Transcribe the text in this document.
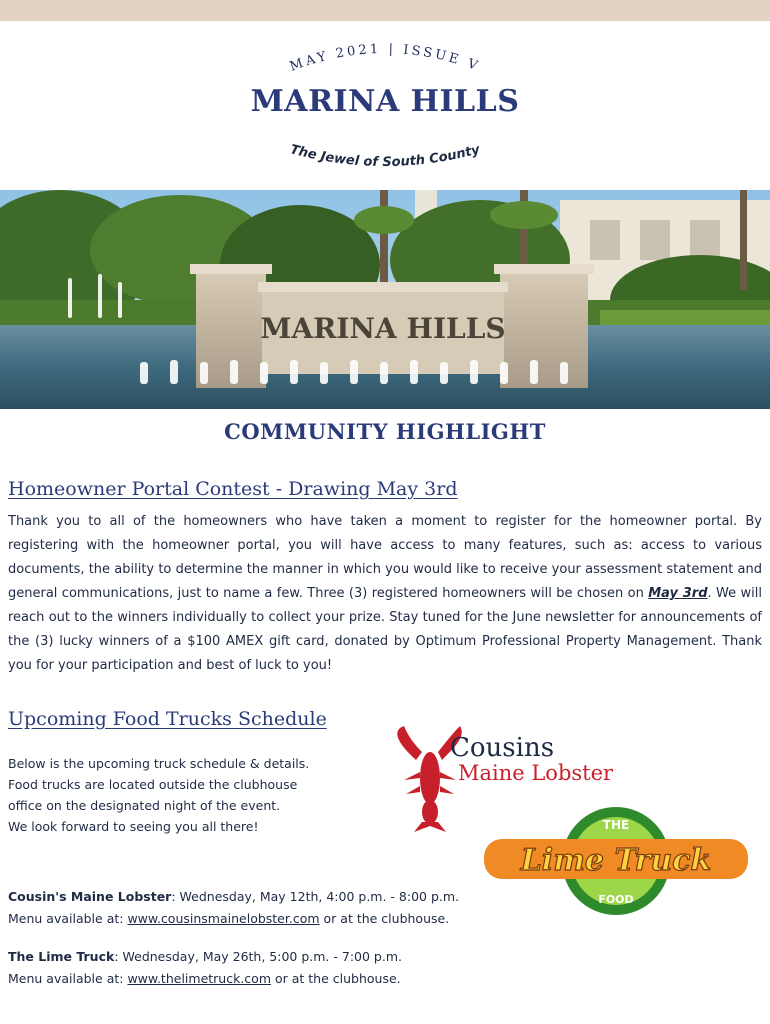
MAY 2021 | ISSUE V
MARINA HILLS
The Jewel of South County
MARINA HILLS
COMMUNITY HIGHLIGHT
Homeowner Portal Contest - Drawing May 3rd

Thank you to all of the homeowners who have taken a moment to register for the homeowner portal. By registering with the homeowner portal, you will have access to many features, such as: access to various documents, the ability to determine the manner in which you would like to receive your assessment statement and general communications, just to name a few. Three (3) registered homeowners will be chosen on May 3rd. We will reach out to the winners individually to collect your prize. Stay tuned for the June newsletter for announcements of the (3) lucky winners of a $100 AMEX gift card, donated by Optimum Professional Property Management. Thank you for your participation and best of luck to you!

Upcoming Food Trucks Schedule
Below is the upcoming truck schedule & details.
Food trucks are located outside the clubhouse
office on the designated night of the event.
We look forward to seeing you all there!
Cousin's Maine Lobster: Wednesday, May 12th, 4:00 p.m. - 8:00 p.m.
Menu available at: www.cousinsmainelobster.com or at the clubhouse.
The Lime Truck: Wednesday, May 26th, 5:00 p.m. - 7:00 p.m.
Menu available at: www.thelimetruck.com or at the clubhouse.
Cousins
Maine Lobster
THE
Lime Truck
FOOD
